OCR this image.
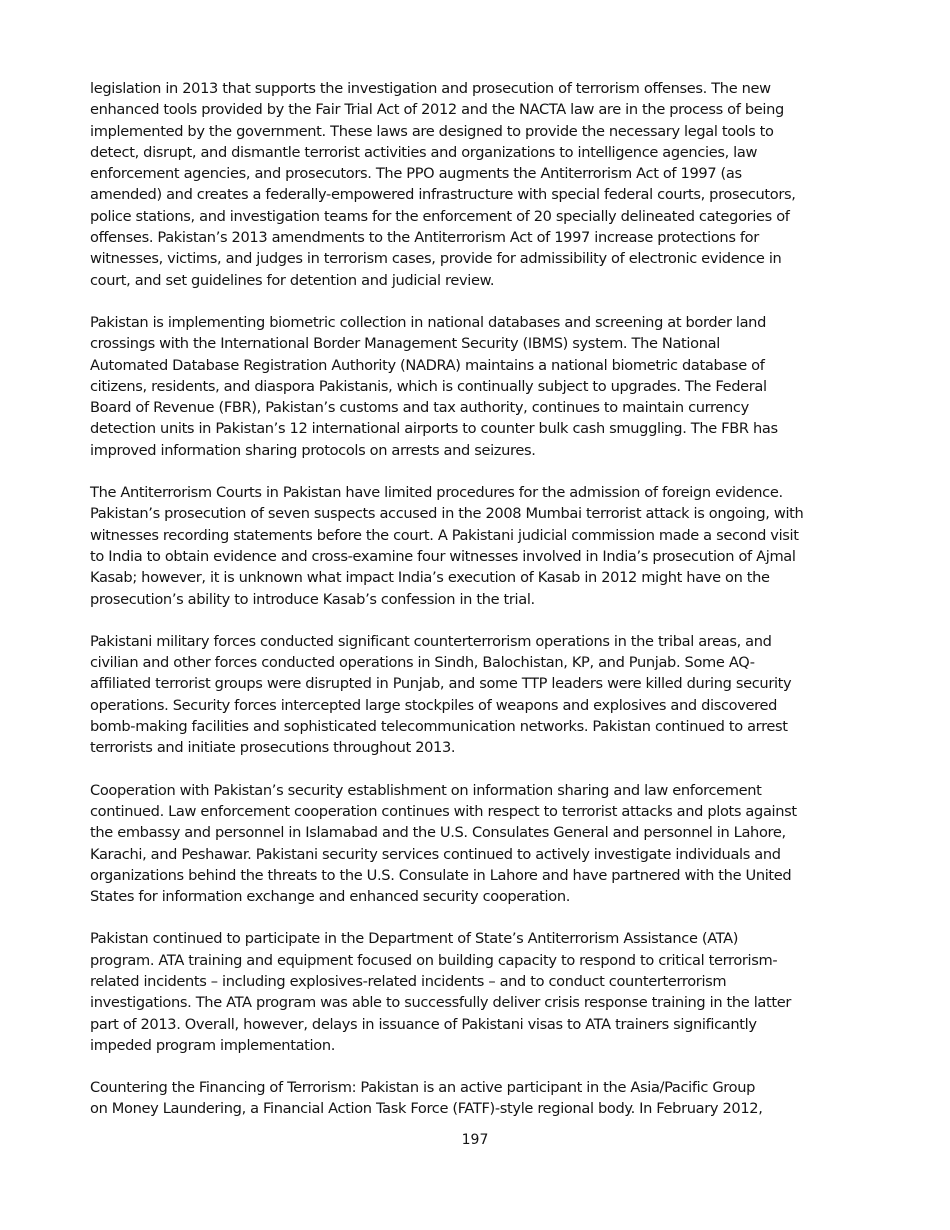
legislation in 2013 that supports the investigation and prosecution of terrorism offenses. The new
enhanced tools provided by the Fair Trial Act of 2012 and the NACTA law are in the process of being
implemented by the government. These laws are designed to provide the necessary legal tools to
detect, disrupt, and dismantle terrorist activities and organizations to intelligence agencies, law
enforcement agencies, and prosecutors. The PPO augments the Antiterrorism Act of 1997 (as
amended) and creates a federally-empowered infrastructure with special federal courts, prosecutors,
police stations, and investigation teams for the enforcement of 20 specially delineated categories of
offenses. Pakistan’s 2013 amendments to the Antiterrorism Act of 1997 increase protections for
witnesses, victims, and judges in terrorism cases, provide for admissibility of electronic evidence in
court, and set guidelines for detention and judicial review.

Pakistan is implementing biometric collection in national databases and screening at border land
crossings with the International Border Management Security (IBMS) system. The National
Automated Database Registration Authority (NADRA) maintains a national biometric database of
citizens, residents, and diaspora Pakistanis, which is continually subject to upgrades. The Federal
Board of Revenue (FBR), Pakistan’s customs and tax authority, continues to maintain currency
detection units in Pakistan’s 12 international airports to counter bulk cash smuggling. The FBR has
improved information sharing protocols on arrests and seizures.

The Antiterrorism Courts in Pakistan have limited procedures for the admission of foreign evidence.
Pakistan’s prosecution of seven suspects accused in the 2008 Mumbai terrorist attack is ongoing, with
witnesses recording statements before the court. A Pakistani judicial commission made a second visit
to India to obtain evidence and cross-examine four witnesses involved in India’s prosecution of Ajmal
Kasab; however, it is unknown what impact India’s execution of Kasab in 2012 might have on the
prosecution’s ability to introduce Kasab’s confession in the trial.

Pakistani military forces conducted significant counterterrorism operations in the tribal areas, and
civilian and other forces conducted operations in Sindh, Balochistan, KP, and Punjab. Some AQ-
affiliated terrorist groups were disrupted in Punjab, and some TTP leaders were killed during security
operations. Security forces intercepted large stockpiles of weapons and explosives and discovered
bomb-making facilities and sophisticated telecommunication networks. Pakistan continued to arrest
terrorists and initiate prosecutions throughout 2013.

Cooperation with Pakistan’s security establishment on information sharing and law enforcement
continued. Law enforcement cooperation continues with respect to terrorist attacks and plots against
the embassy and personnel in Islamabad and the U.S. Consulates General and personnel in Lahore,
Karachi, and Peshawar. Pakistani security services continued to actively investigate individuals and
organizations behind the threats to the U.S. Consulate in Lahore and have partnered with the United
States for information exchange and enhanced security cooperation.

Pakistan continued to participate in the Department of State’s Antiterrorism Assistance (ATA)
program. ATA training and equipment focused on building capacity to respond to critical terrorism-
related incidents – including explosives-related incidents – and to conduct counterterrorism
investigations. The ATA program was able to successfully deliver crisis response training in the latter
part of 2013. Overall, however, delays in issuance of Pakistani visas to ATA trainers significantly
impeded program implementation.

Countering the Financing of Terrorism: Pakistan is an active participant in the Asia/Pacific Group
on Money Laundering, a Financial Action Task Force (FATF)-style regional body. In February 2012,

197
